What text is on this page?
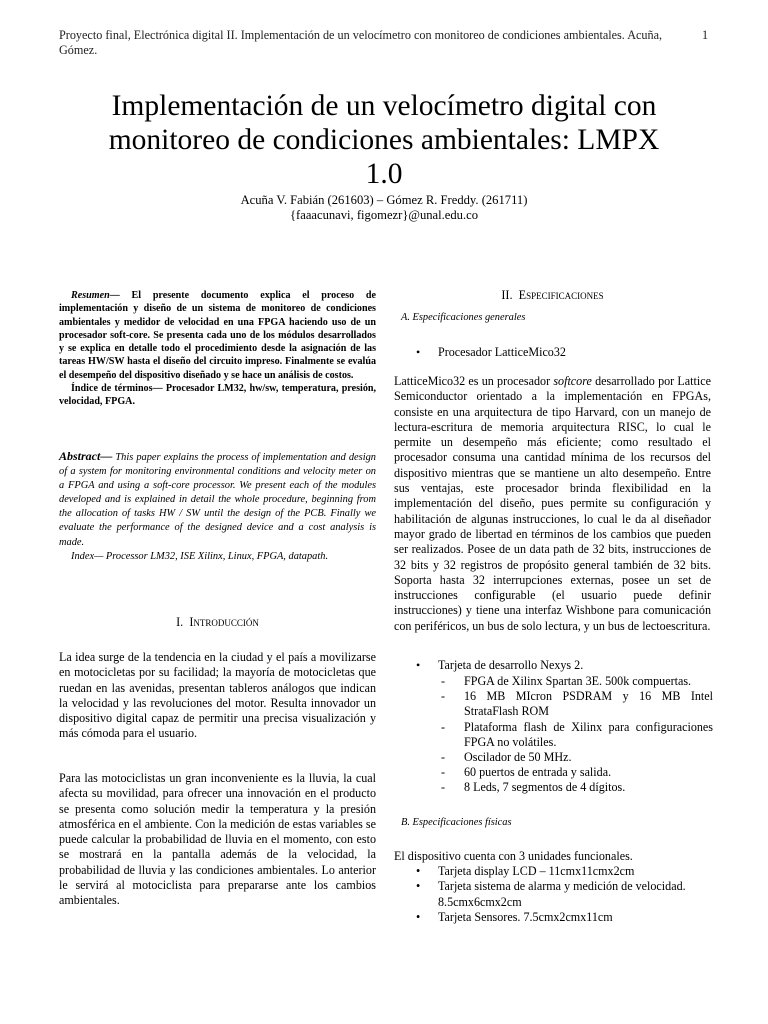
Proyecto final, Electrónica digital II. Implementación de un velocímetro con monitoreo de condiciones ambientales. Acuña, Gómez.
1
Implementación de un velocímetro digital con
monitoreo de condiciones ambientales: LMPX
1.0
Acuña V. Fabián (261603) – Gómez R. Freddy. (261711)
{faaacunavi, figomezr}@unal.edu.co

Resumen— El presente documento explica el proceso de implementación y diseño de un sistema de monitoreo de condiciones ambientales y medidor de velocidad en una FPGA haciendo uso de un procesador soft-core. Se presenta cada uno de los módulos desarrollados y se explica en detalle todo el procedimiento desde la asignación de las tareas HW/SW hasta el diseño del circuito impreso. Finalmente se evalúa el desempeño del dispositivo diseñado y se hace un análisis de costos.

Índice de términos— Procesador LM32, hw/sw, temperatura, presión, velocidad, FPGA.

Abstract— This paper explains the process of implementation and design of a system for monitoring environmental conditions and velocity meter on a FPGA and using a soft-core processor. We present each of the modules developed and is explained in detail the whole procedure, beginning from the allocation of tasks HW / SW until the design of the PCB. Finally we evaluate the performance of the designed device and a cost analysis is made.

Index— Processor LM32, ISE Xilinx, Linux, FPGA, datapath.

I. Introducción

La idea surge de la tendencia en la ciudad y el país a movilizarse en motocicletas por su facilidad; la mayoría de motocicletas que ruedan en las avenidas, presentan tableros análogos que indican la velocidad y las revoluciones del motor. Resulta innovador un dispositivo digital capaz de permitir una precisa visualización y más cómoda para el usuario.

Para las motociclistas un gran inconveniente es la lluvia, la cual afecta su movilidad, para ofrecer una innovación en el producto se presenta como solución medir la temperatura y la presión atmosférica en el ambiente. Con la medición de estas variables se puede calcular la probabilidad de lluvia en el momento, con esto se mostrará en la pantalla además de la velocidad, la probabilidad de lluvia y las condiciones ambientales. Lo anterior le servirá al motociclista para prepararse ante los cambios ambientales.

II. Especificaciones
A. Especificaciones generales
• Procesador LatticeMico32

LatticeMico32 es un procesador softcore desarrollado por Lattice Semiconductor orientado a la implementación en FPGAs, consiste en una arquitectura de tipo Harvard, con un manejo de lectura-escritura de memoria arquitectura RISC, lo cual le permite un desempeño más eficiente; como resultado el procesador consuma una cantidad mínima de los recursos del dispositivo mientras que se mantiene un alto desempeño. Entre sus ventajas, este procesador brinda flexibilidad en la implementación del diseño, pues permite su configuración y habilitación de algunas instrucciones, lo cual le da al diseñador mayor grado de libertad en términos de los cambios que pueden ser realizados. Posee de un data path de 32 bits, instrucciones de 32 bits y 32 registros de propósito general también de 32 bits. Soporta hasta 32 interrupciones externas, posee un set de instrucciones configurable (el usuario puede definir instrucciones) y tiene una interfaz Wishbone para comunicación con periféricos, un bus de solo lectura, y un bus de lectoescritura.

• Tarjeta de desarrollo Nexys 2.
- FPGA de Xilinx Spartan 3E. 500k compuertas.
- 16 MB MIcron PSDRAM y 16 MB Intel StrataFlash ROM
- Plataforma flash de Xilinx para configuraciones FPGA no volátiles.
- Oscilador de 50 MHz.
- 60 puertos de entrada y salida.
- 8 Leds, 7 segmentos de 4 dígitos.
B. Especificaciones físicas

El dispositivo cuenta con 3 unidades funcionales.

• Tarjeta display LCD – 11cmx11cmx2cm
• Tarjeta sistema de alarma y medición de velocidad. 8.5cmx6cmx2cm
• Tarjeta Sensores. 7.5cmx2cmx11cm
